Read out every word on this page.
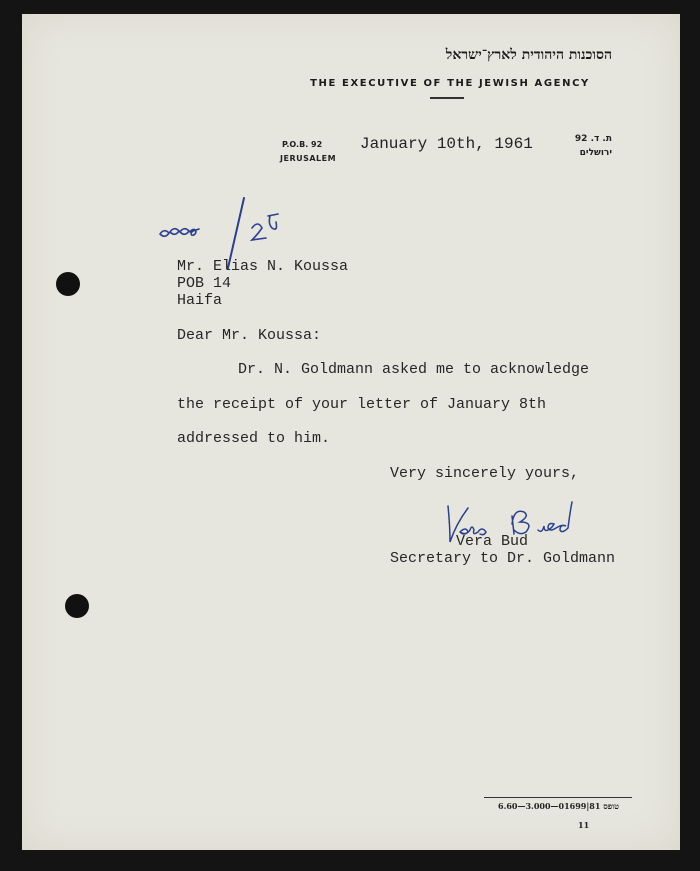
הסוכנות היהודית לארץ־ישראל
THE EXECUTIVE OF THE JEWISH AGENCY
P.O.B. 92
JERUSALEM
January 10th, 1961	ת. ד. 92
ירושלים
Mr. Elias N. Koussa
POB 14
Haifa
Dear Mr. Koussa:
Dr. N. Goldmann asked me to acknowledge
the receipt of your letter of January 8th
addressed to him.
Very sincerely yours,
Vera Bud
Secretary to Dr. Goldmann
6.60—3.000—01699|81 טופס
11
